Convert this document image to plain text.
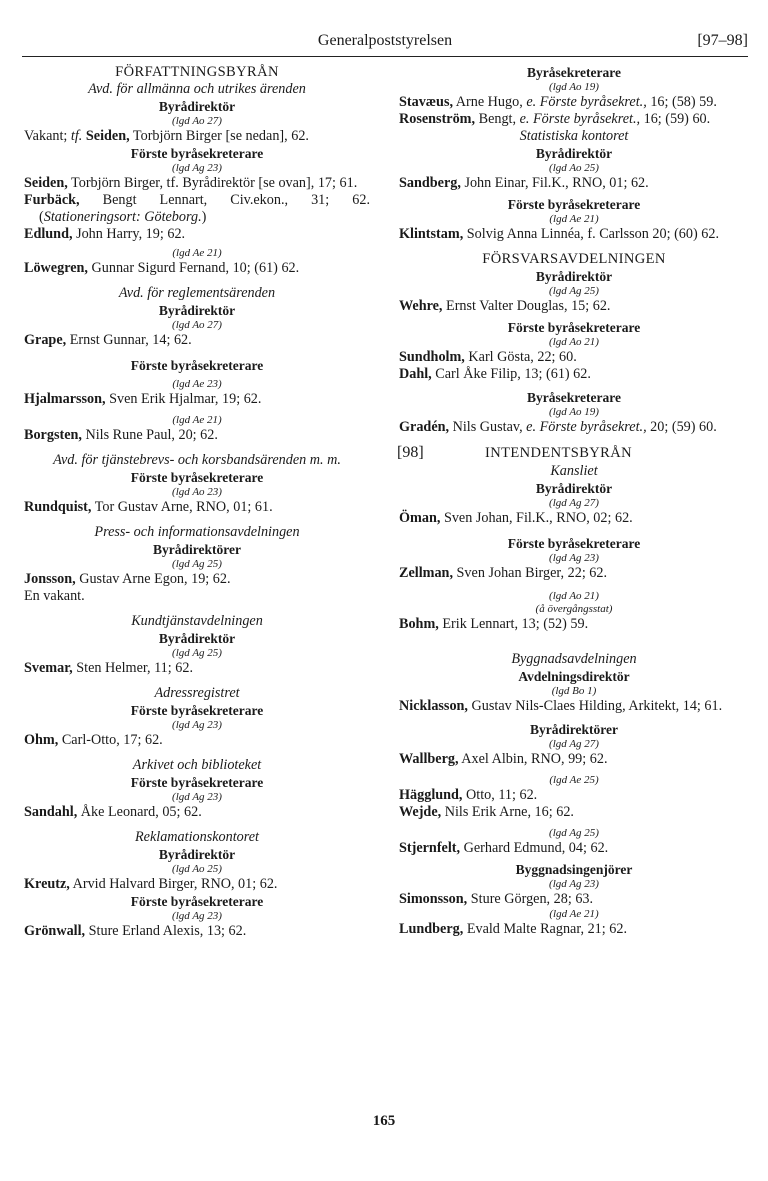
Generalpoststyrelsen	[97–98]
FÖRFATTNINGSBYRÅN
Avd. för allmänna och utrikes ärenden
Byrådirektör
(lgd Ao 27)
Vakant; tf. Seiden, Torbjörn Birger [se nedan], 62.
Förste byråsekreterare
(lgd Ag 23)
Seiden, Torbjörn Birger, tf. Byrådirektör [se ovan], 17; 61.
Furbäck, Bengt Lennart, Civ.ekon., 31; 62. (Stationeringsort: Göteborg.)
Edlund, John Harry, 19; 62.
(lgd Ae 21)
Löwegren, Gunnar Sigurd Fernand, 10; (61) 62.
Avd. för reglementsärenden
Byrådirektör
(lgd Ao 27)
Grape, Ernst Gunnar, 14; 62.
Förste byråsekreterare
(lgd Ae 23)
Hjalmarsson, Sven Erik Hjalmar, 19; 62.
(lgd Ae 21)
Borgsten, Nils Rune Paul, 20; 62.
Avd. för tjänstebrevs- och korsbandsärenden m. m.
Förste byråsekreterare
(lgd Ao 23)
Rundquist, Tor Gustav Arne, RNO, 01; 61.
Press- och informationsavdelningen
Byrådirektörer
(lgd Ag 25)
Jonsson, Gustav Arne Egon, 19; 62.
En vakant.
Kundtjänstavdelningen
Byrådirektör
(lgd Ag 25)
Svemar, Sten Helmer, 11; 62.
Adressregistret
Förste byråsekreterare
(lgd Ag 23)
Ohm, Carl-Otto, 17; 62.
Arkivet och biblioteket
Förste byråsekreterare
(lgd Ag 23)
Sandahl, Åke Leonard, 05; 62.
Reklamationskontoret
Byrådirektör
(lgd Ao 25)
Kreutz, Arvid Halvard Birger, RNO, 01; 62.
Förste byråsekreterare
(lgd Ag 23)
Grönwall, Sture Erland Alexis, 13; 62.
Byråsekreterare
(lgd Ao 19)
Stavæus, Arne Hugo, e. Förste byråsekret., 16; (58) 59.
Rosenström, Bengt, e. Förste byråsekret., 16; (59) 60.
Statistiska kontoret
Byrådirektör
(lgd Ao 25)
Sandberg, John Einar, Fil.K., RNO, 01; 62.
Förste byråsekreterare
(lgd Ae 21)
Klintstam, Solvig Anna Linnéa, f. Carlsson 20; (60) 62.
FÖRSVARSAVDELNINGEN
Byrådirektör
(lgd Ag 25)
Wehre, Ernst Valter Douglas, 15; 62.
Förste byråsekreterare
(lgd Ao 21)
Sundholm, Karl Gösta, 22; 60.
Dahl, Carl Åke Filip, 13; (61) 62.
Byråsekreterare
(lgd Ao 19)
Gradén, Nils Gustav, e. Förste byråsekret., 20; (59) 60.
[98]	INTENDENTSBYRÅN
Kansliet
Byrådirektör
(lgd Ag 27)
Öman, Sven Johan, Fil.K., RNO, 02; 62.
Förste byråsekreterare
(lgd Ag 23)
Zellman, Sven Johan Birger, 22; 62.
(lgd Ao 21)
(å övergångsstat)
Bohm, Erik Lennart, 13; (52) 59.
Byggnadsavdelningen
Avdelningsdirektör
(lgd Bo 1)
Nicklasson, Gustav Nils-Claes Hilding, Arkitekt, 14; 61.
Byrådirektörer
(lgd Ag 27)
Wallberg, Axel Albin, RNO, 99; 62.
(lgd Ae 25)
Hägglund, Otto, 11; 62.
Wejde, Nils Erik Arne, 16; 62.
(lgd Ag 25)
Stjernfelt, Gerhard Edmund, 04; 62.
Byggnadsingenjörer
(lgd Ag 23)
Simonsson, Sture Görgen, 28; 63.
(lgd Ae 21)
Lundberg, Evald Malte Ragnar, 21; 62.
165
